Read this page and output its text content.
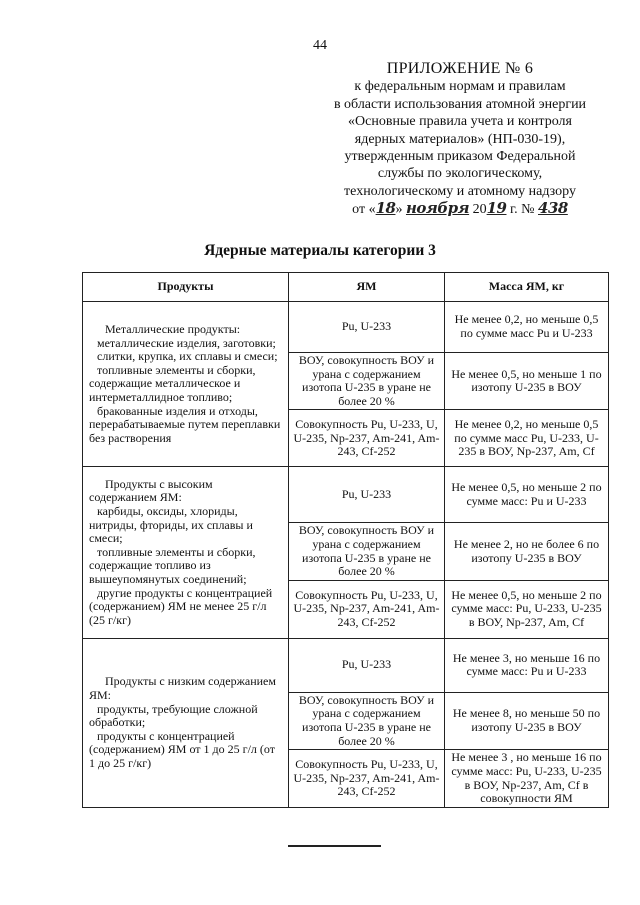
44
ПРИЛОЖЕНИЕ № 6
к федеральным нормам и правилам
в области использования атомной энергии
«Основные правила учета и контроля
ядерных материалов» (НП-030-19),
утвержденным приказом Федеральной
службы по экологическому,
технологическому и атомному надзору
от «18» ноября 2019 г. № 438
Ядерные материалы категории 3
Продукты	ЯМ	Масса ЯМ, кг

Металлические продукты:

металлические изделия, заготовки;

слитки, крупка, их сплавы и смеси;

топливные элементы и сборки, содержащие металлическое и интерметаллидное топливо;

бракованные изделия и отходы, перерабатываемые путем переплавки без растворения	Pu, U-233	Не менее 0,2, но меньше 0,5 по сумме масс Pu и U-233
	ВОУ, совокупность ВОУ и урана с содержанием изотопа U-235 в уране не более 20 %	Не менее 0,5, но меньше 1 по изотопу U-235 в ВОУ
	Совокупность Pu, U-233, U, U-235, Np-237, Am-241, Am-243, Cf-252	Не менее 0,2, но меньше 0,5 по сумме масс Pu, U-233, U-235 в ВОУ, Np-237, Am, Cf

Продукты с высоким содержанием ЯМ:

карбиды, оксиды, хлориды, нитриды, фториды, их сплавы и смеси;

топливные элементы и сборки, содержащие топливо из вышеупомянутых соединений;

другие продукты с концентрацией (содержанием) ЯМ не менее 25 г/л (25 г/кг)	Pu, U-233	Не менее 0,5, но меньше 2 по сумме масс: Pu и U-233
	ВОУ, совокупность ВОУ и урана с содержанием изотопа U-235 в уране не более 20 %	Не менее 2, но не более 6 по изотопу U-235 в ВОУ
	Совокупность Pu, U-233, U, U-235, Np-237, Am-241, Am-243, Cf-252	Не менее 0,5, но меньше 2 по сумме масс: Pu, U-233, U-235 в ВОУ, Np-237, Am, Cf

Продукты с низким содержанием ЯМ:

продукты, требующие сложной обработки;

продукты с концентрацией (содержанием) ЯМ от 1 до 25 г/л (от 1 до 25 г/кг)	Pu, U-233	Не менее 3, но меньше 16 по сумме масс: Pu и U-233
	ВОУ, совокупность ВОУ и урана с содержанием изотопа U-235 в уране не более 20 %	Не менее 8, но меньше 50 по изотопу U-235 в ВОУ
	Совокупность Pu, U-233, U, U-235, Np-237, Am-241, Am-243, Cf-252	Не менее 3 , но меньше 16 по сумме масс: Pu, U-233, U-235 в ВОУ, Np-237, Am, Cf в совокупности ЯМ
